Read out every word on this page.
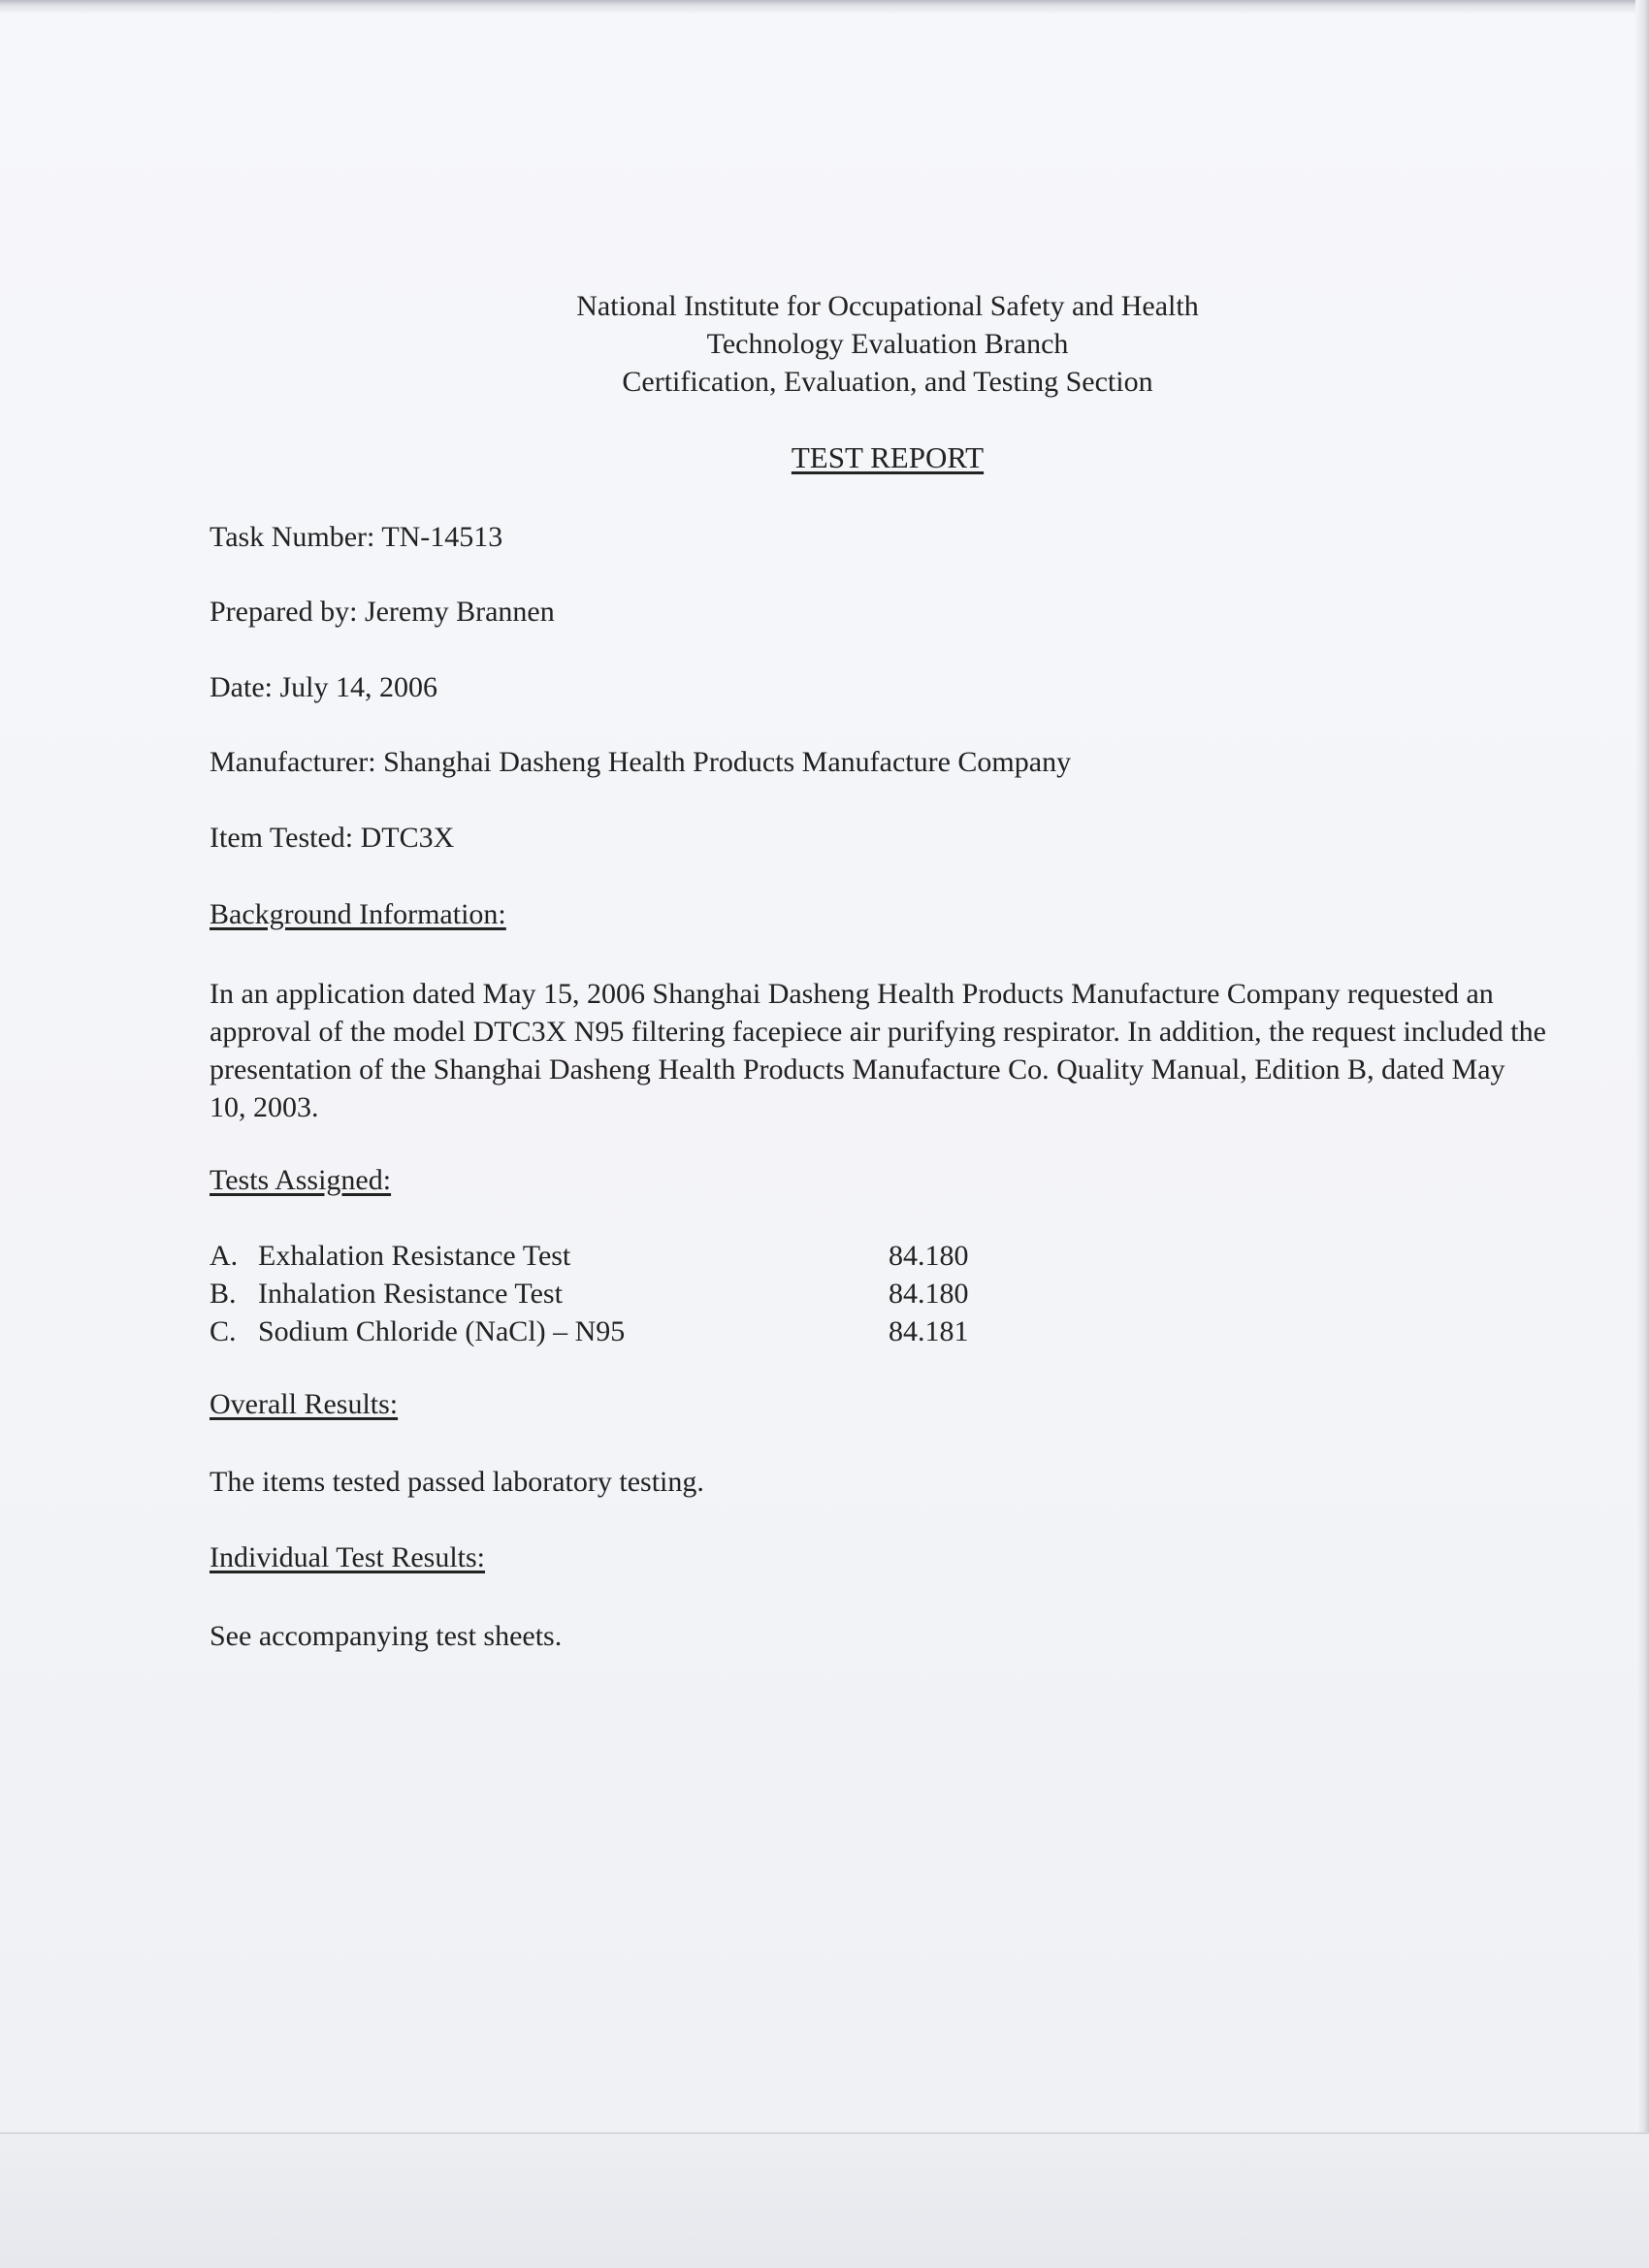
National Institute for Occupational Safety and Health
Technology Evaluation Branch
Certification, Evaluation, and Testing Section
TEST REPORT
Task Number: TN-14513
Prepared by: Jeremy Brannen
Date: July 14, 2006
Manufacturer: Shanghai Dasheng Health Products Manufacture Company
Item Tested: DTC3X
Background Information:
In an application dated May 15, 2006 Shanghai Dasheng Health Products Manufacture Company requested an approval of the model DTC3X N95 filtering facepiece air purifying respirator. In addition, the request included the presentation of the Shanghai Dasheng Health Products Manufacture Co. Quality Manual, Edition B, dated May 10, 2003.
Tests Assigned:
A. Exhalation Resistance Test	84.180
B. Inhalation Resistance Test	84.180
C. Sodium Chloride (NaCl) – N95	84.181
Overall Results:
The items tested passed laboratory testing.
Individual Test Results:
See accompanying test sheets.
